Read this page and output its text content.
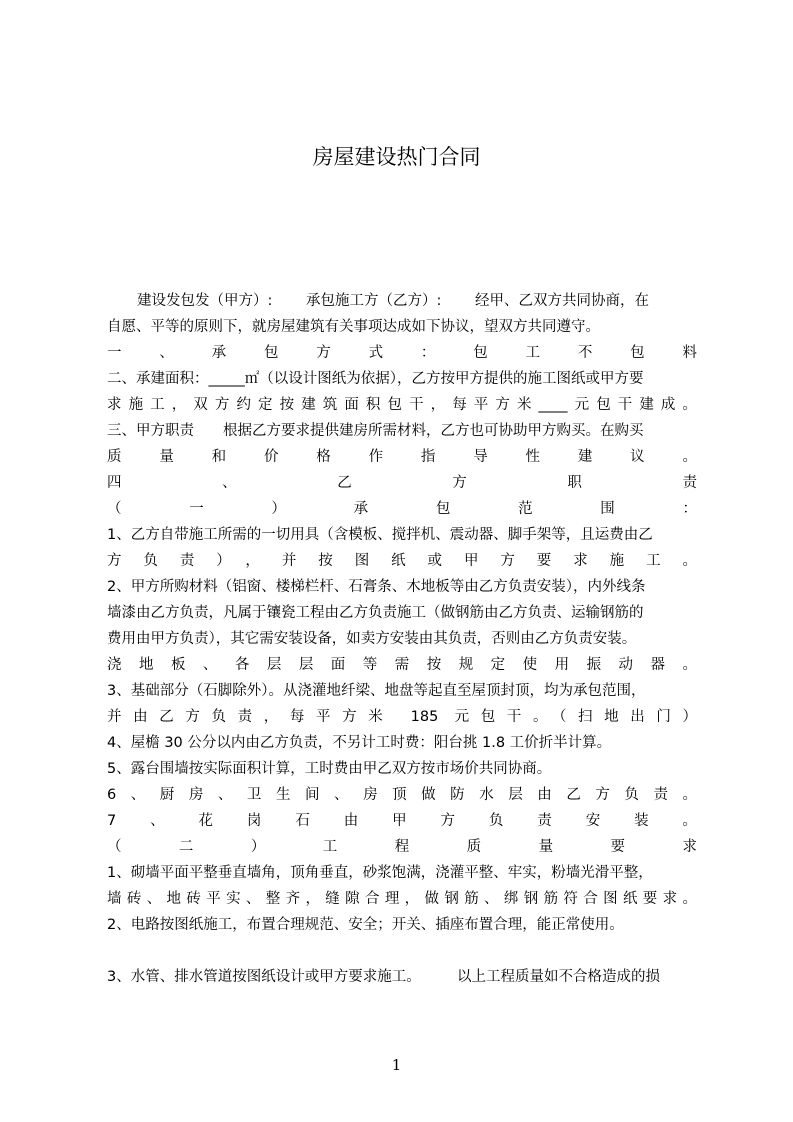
房屋建设热门合同
建设发包发（甲方）:　　 承包施工方（乙方）:　　 经甲、乙双方共同协商，在
自愿、平等的原则下，就房屋建筑有关事项达成如下协议，望双方共同遵守。
一、承包方式：包工不包料
二、承建面积：_____㎡（以设计图纸为依据），乙方按甲方提供的施工图纸或甲方要
求施工，双方约定按建筑面积包干，每平方米____元包干建成。
三、甲方职责　　根据乙方要求提供建房所需材料，乙方也可协助甲方购买。在购买
质量和价格作指导性建议。
四、乙方职责
（一）承包范围：
1、乙方自带施工所需的一切用具（含模板、搅拌机、震动器、脚手架等，且运费由乙
方负责），并按图纸或甲方要求施工。
2、甲方所购材料（铝窗、楼梯栏杆、石膏条、木地板等由乙方负责安装），内外线条
墙漆由乙方负责，凡属于镶瓷工程由乙方负责施工（做钢筋由乙方负责、运输钢筋的
费用由甲方负责），其它需安装设备，如卖方安装由其负责，否则由乙方负责安装。
浇地板、各层层面等需按规定使用振动器。
3、基础部分（石脚除外）。从浇灌地纤梁、地盘等起直至屋顶封顶，均为承包范围，
并由乙方负责，每平方米 185 元包干。（扫地出门）
4、屋檐 30 公分以内由乙方负责，不另计工时费：阳台挑 1.8 工价折半计算。
5、露台围墙按实际面积计算，工时费由甲乙双方按市场价共同协商。
6、厨房、卫生间、房顶做防水层由乙方负责。
7、花岗石由甲方负责安装。
（二）工程质量要求
1、砌墙平面平整垂直墙角，顶角垂直，砂浆饱满，浇灌平整、牢实，粉墙光滑平整，
墙砖、地砖平实、整齐，缝隙合理，做钢筋、绑钢筋符合图纸要求。
2、电路按图纸施工，布置合理规范、安全；开关、插座布置合理，能正常使用。
3、水管、排水管道按图纸设计或甲方要求施工。　　　以上工程质量如不合格造成的损
1
